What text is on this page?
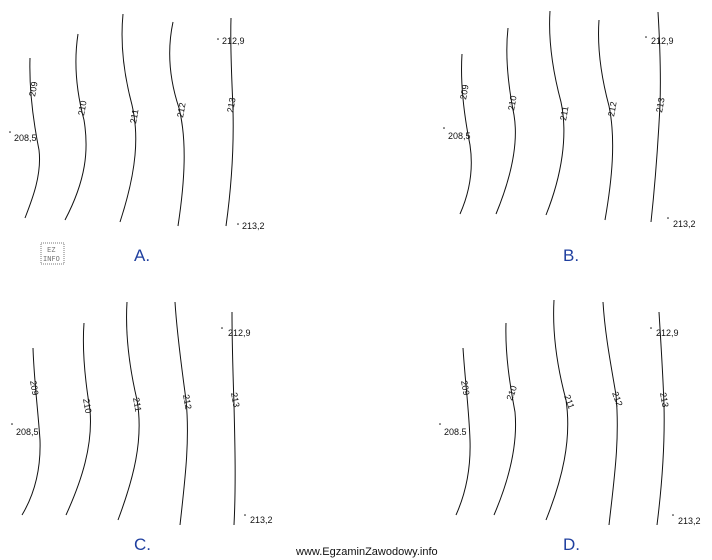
209
210
211	212	213
208,5
212,9
213,2
EZ
INFO	A.
209
210
211	212	213
208,5
212,9
213,2
B.
209
210	211	212	213
208,5
212,9
213,2
C.
209	210
211	212	213
208.5
212,9
213,2
D.
www.EgzaminZawodowy.info
